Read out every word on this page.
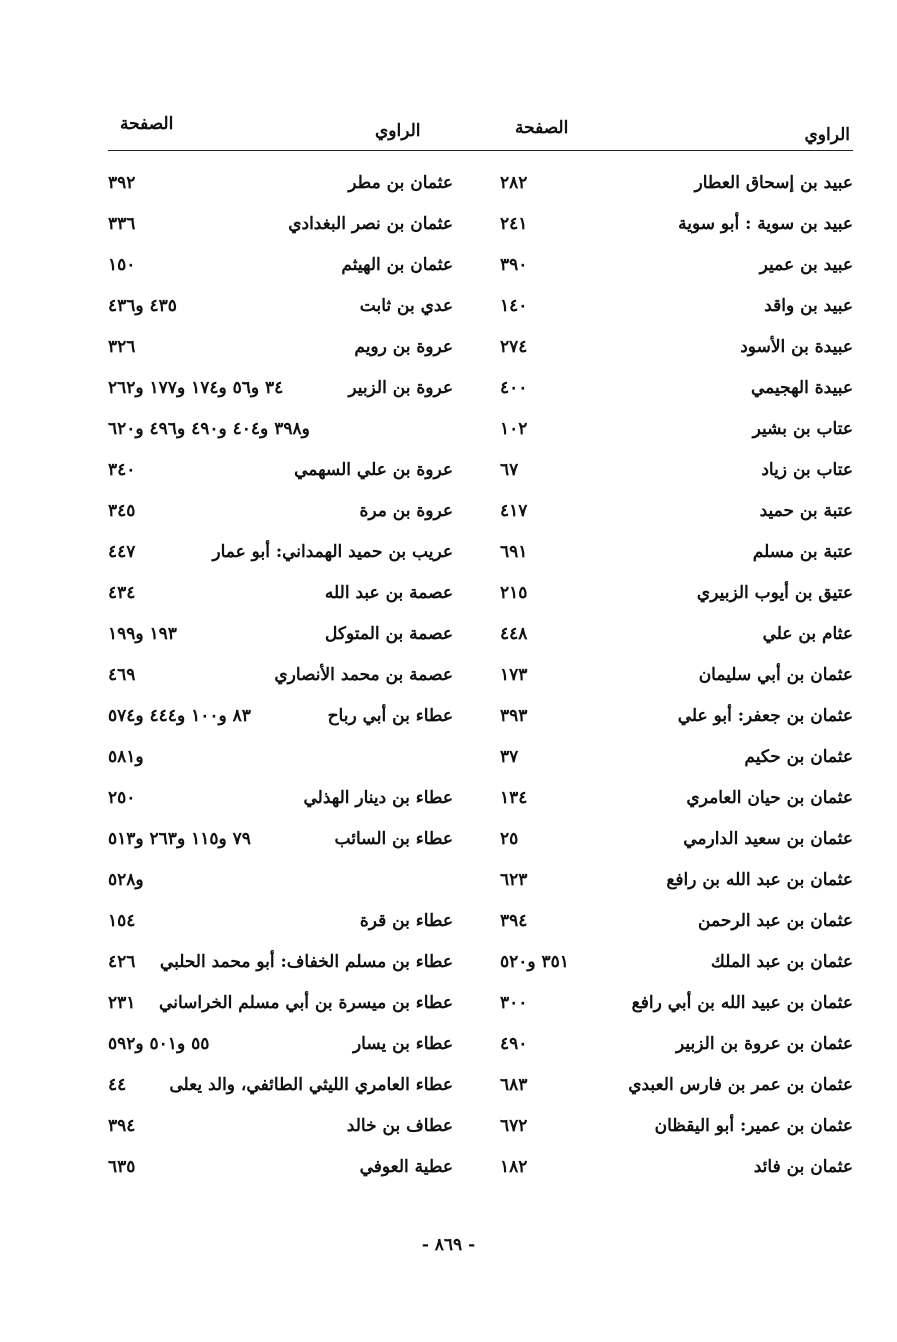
الراوي
الصفحة
الراوي
الصفحة
عبيد بن إسحاق العطار
٢٨٢
عبيد بن سوية : أبو سوية
٢٤١
عبيد بن عمير
٣٩٠
عبيد بن واقد
١٤٠
عبيدة بن الأسود
٢٧٤
عبيدة الهجيمي
٤٠٠
عتاب بن بشير
١٠٢
عتاب بن زياد
٦٧
عتبة بن حميد
٤١٧
عتبة بن مسلم
٦٩١
عتيق بن أيوب الزبيري
٢١٥
عثام بن علي
٤٤٨
عثمان بن أبي سليمان
١٧٣
عثمان بن جعفر: أبو علي
٣٩٣
عثمان بن حكيم
٣٧
عثمان بن حيان العامري
١٣٤
عثمان بن سعيد الدارمي
٢٥
عثمان بن عبد الله بن رافع
٦٢٣
عثمان بن عبد الرحمن
٣٩٤
عثمان بن عبد الملك
٣٥١ و٥٢٠
عثمان بن عبيد الله بن أبي رافع
٣٠٠
عثمان بن عروة بن الزبير
٤٩٠
عثمان بن عمر بن فارس العبدي
٦٨٣
عثمان بن عمير: أبو اليقظان
٦٧٢
عثمان بن فائد
١٨٢
عثمان بن مطر
٣٩٢
عثمان بن نصر البغدادي
٣٣٦
عثمان بن الهيثم
١٥٠
عدي بن ثابت
٤٣٥ و٤٣٦
عروة بن رويم
٣٢٦
عروة بن الزبير
٣٤ و٥٦ و١٧٤ و١٧٧ و٢٦٢
و٣٩٨ و٤٠٤ و٤٩٠ و٤٩٦ و٦٢٠
عروة بن علي السهمي
٣٤٠
عروة بن مرة
٣٤٥
عريب بن حميد الهمداني: أبو عمار
٤٤٧
عصمة بن عبد الله
٤٣٤
عصمة بن المتوكل
١٩٣ و١٩٩
عصمة بن محمد الأنصاري
٤٦٩
عطاء بن أبي رباح
٨٣ و١٠٠ و٤٤٤ و٥٧٤
و٥٨١
عطاء بن دينار الهذلي
٢٥٠
عطاء بن السائب
٧٩ و١١٥ و٢٦٣ و٥١٣
و٥٢٨
عطاء بن قرة
١٥٤
عطاء بن مسلم الخفاف: أبو محمد الحلبي
٤٢٦
عطاء بن ميسرة بن أبي مسلم الخراساني
٢٣١
عطاء بن يسار
٥٥ و٥٠١ و٥٩٢
عطاء العامري الليثي الطائفي، والد يعلى
٤٤
عطاف بن خالد
٣٩٤
عطية العوفي
٦٣٥
- ٨٦٩ -
